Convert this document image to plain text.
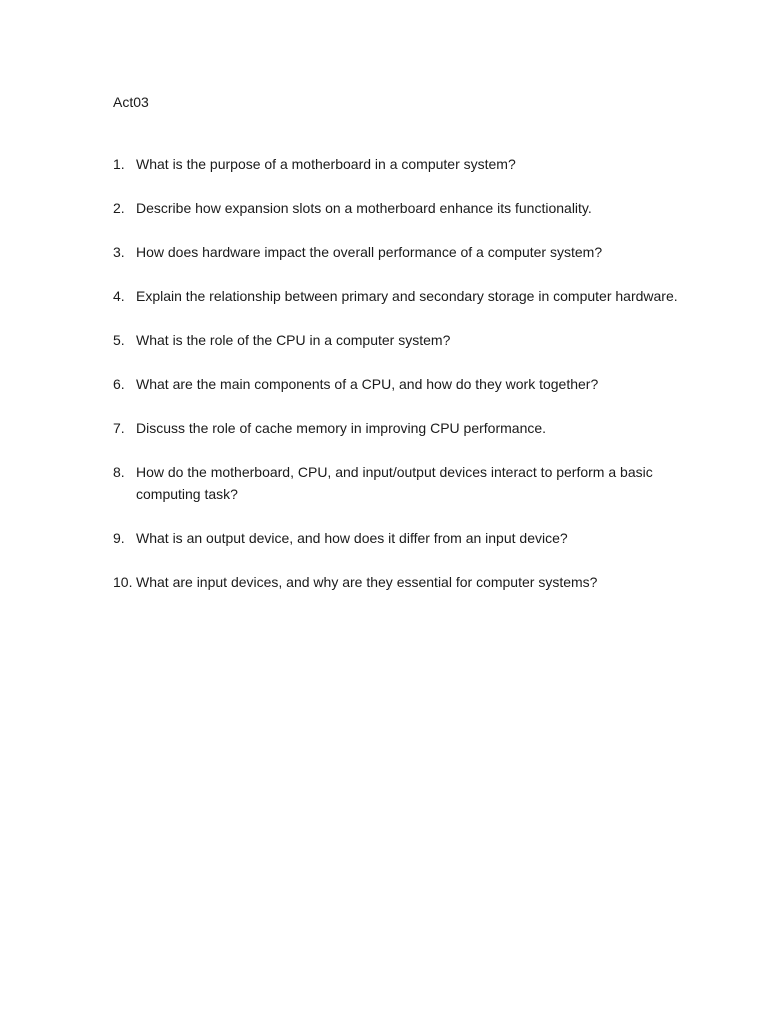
Act03
1. What is the purpose of a motherboard in a computer system?
2. Describe how expansion slots on a motherboard enhance its functionality.
3. How does hardware impact the overall performance of a computer system?
4. Explain the relationship between primary and secondary storage in computer hardware.
5. What is the role of the CPU in a computer system?
6. What are the main components of a CPU, and how do they work together?
7. Discuss the role of cache memory in improving CPU performance.
8. How do the motherboard, CPU, and input/output devices interact to perform a basic computing task?
9. What is an output device, and how does it differ from an input device?
10. What are input devices, and why are they essential for computer systems?
